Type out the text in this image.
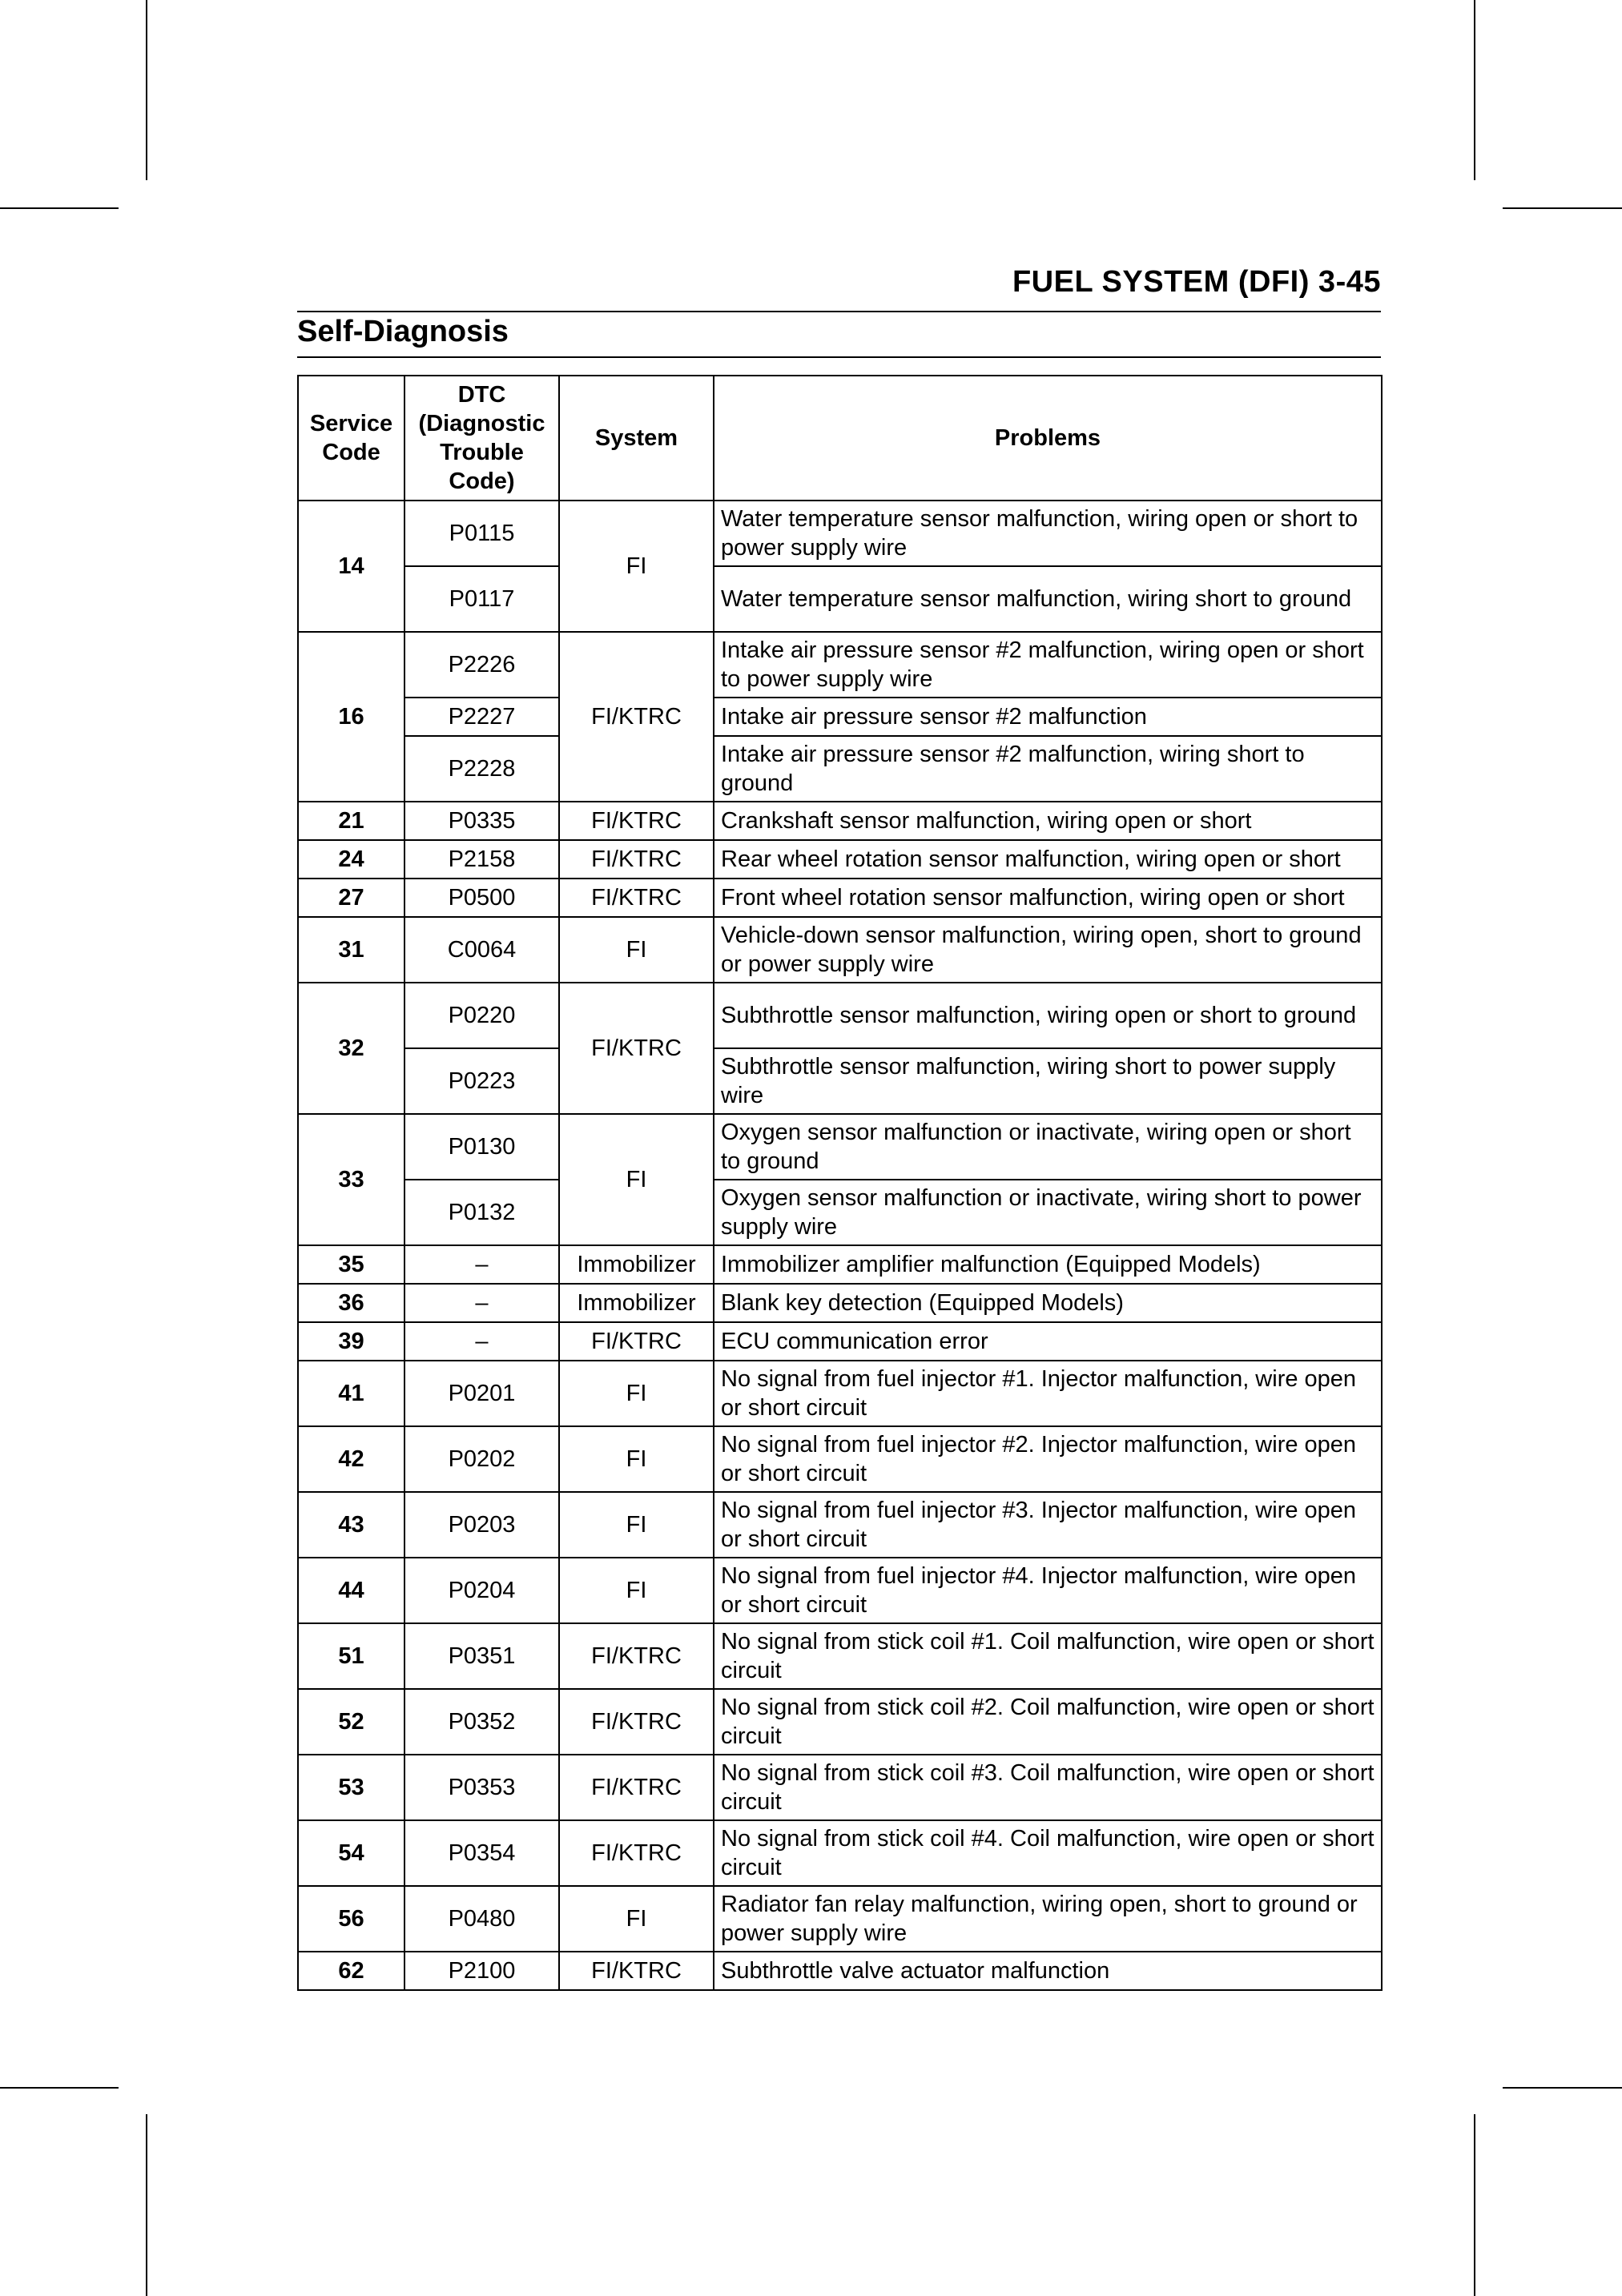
FUEL SYSTEM (DFI) 3-45
Self-Diagnosis
Service
Code	DTC
(Diagnostic
Trouble
Code)	System	Problems
14	P0115	FI	Water temperature sensor malfunction, wiring open or short to power supply wire
	P0117		Water temperature sensor malfunction, wiring short to ground
16	P2226	FI/KTRC	Intake air pressure sensor #2 malfunction, wiring open or short to power supply wire
	P2227		Intake air pressure sensor #2 malfunction
	P2228		Intake air pressure sensor #2 malfunction, wiring short to ground
21	P0335	FI/KTRC	Crankshaft sensor malfunction, wiring open or short
24	P2158	FI/KTRC	Rear wheel rotation sensor malfunction, wiring open or short
27	P0500	FI/KTRC	Front wheel rotation sensor malfunction, wiring open or short
31	C0064	FI	Vehicle-down sensor malfunction, wiring open, short to ground or power supply wire
32	P0220	FI/KTRC	Subthrottle sensor malfunction, wiring open or short to ground
	P0223		Subthrottle sensor malfunction, wiring short to power supply wire
33	P0130	FI	Oxygen sensor malfunction or inactivate, wiring open or short to ground
	P0132		Oxygen sensor malfunction or inactivate, wiring short to power supply wire
35	–	Immobilizer	Immobilizer amplifier malfunction (Equipped Models)
36	–	Immobilizer	Blank key detection (Equipped Models)
39	–	FI/KTRC	ECU communication error
41	P0201	FI	No signal from fuel injector #1. Injector malfunction, wire open or short circuit
42	P0202	FI	No signal from fuel injector #2. Injector malfunction, wire open or short circuit
43	P0203	FI	No signal from fuel injector #3. Injector malfunction, wire open or short circuit
44	P0204	FI	No signal from fuel injector #4. Injector malfunction, wire open or short circuit
51	P0351	FI/KTRC	No signal from stick coil #1. Coil malfunction, wire open or short circuit
52	P0352	FI/KTRC	No signal from stick coil #2. Coil malfunction, wire open or short circuit
53	P0353	FI/KTRC	No signal from stick coil #3. Coil malfunction, wire open or short circuit
54	P0354	FI/KTRC	No signal from stick coil #4. Coil malfunction, wire open or short circuit
56	P0480	FI	Radiator fan relay malfunction, wiring open, short to ground or power supply wire
62	P2100	FI/KTRC	Subthrottle valve actuator malfunction
